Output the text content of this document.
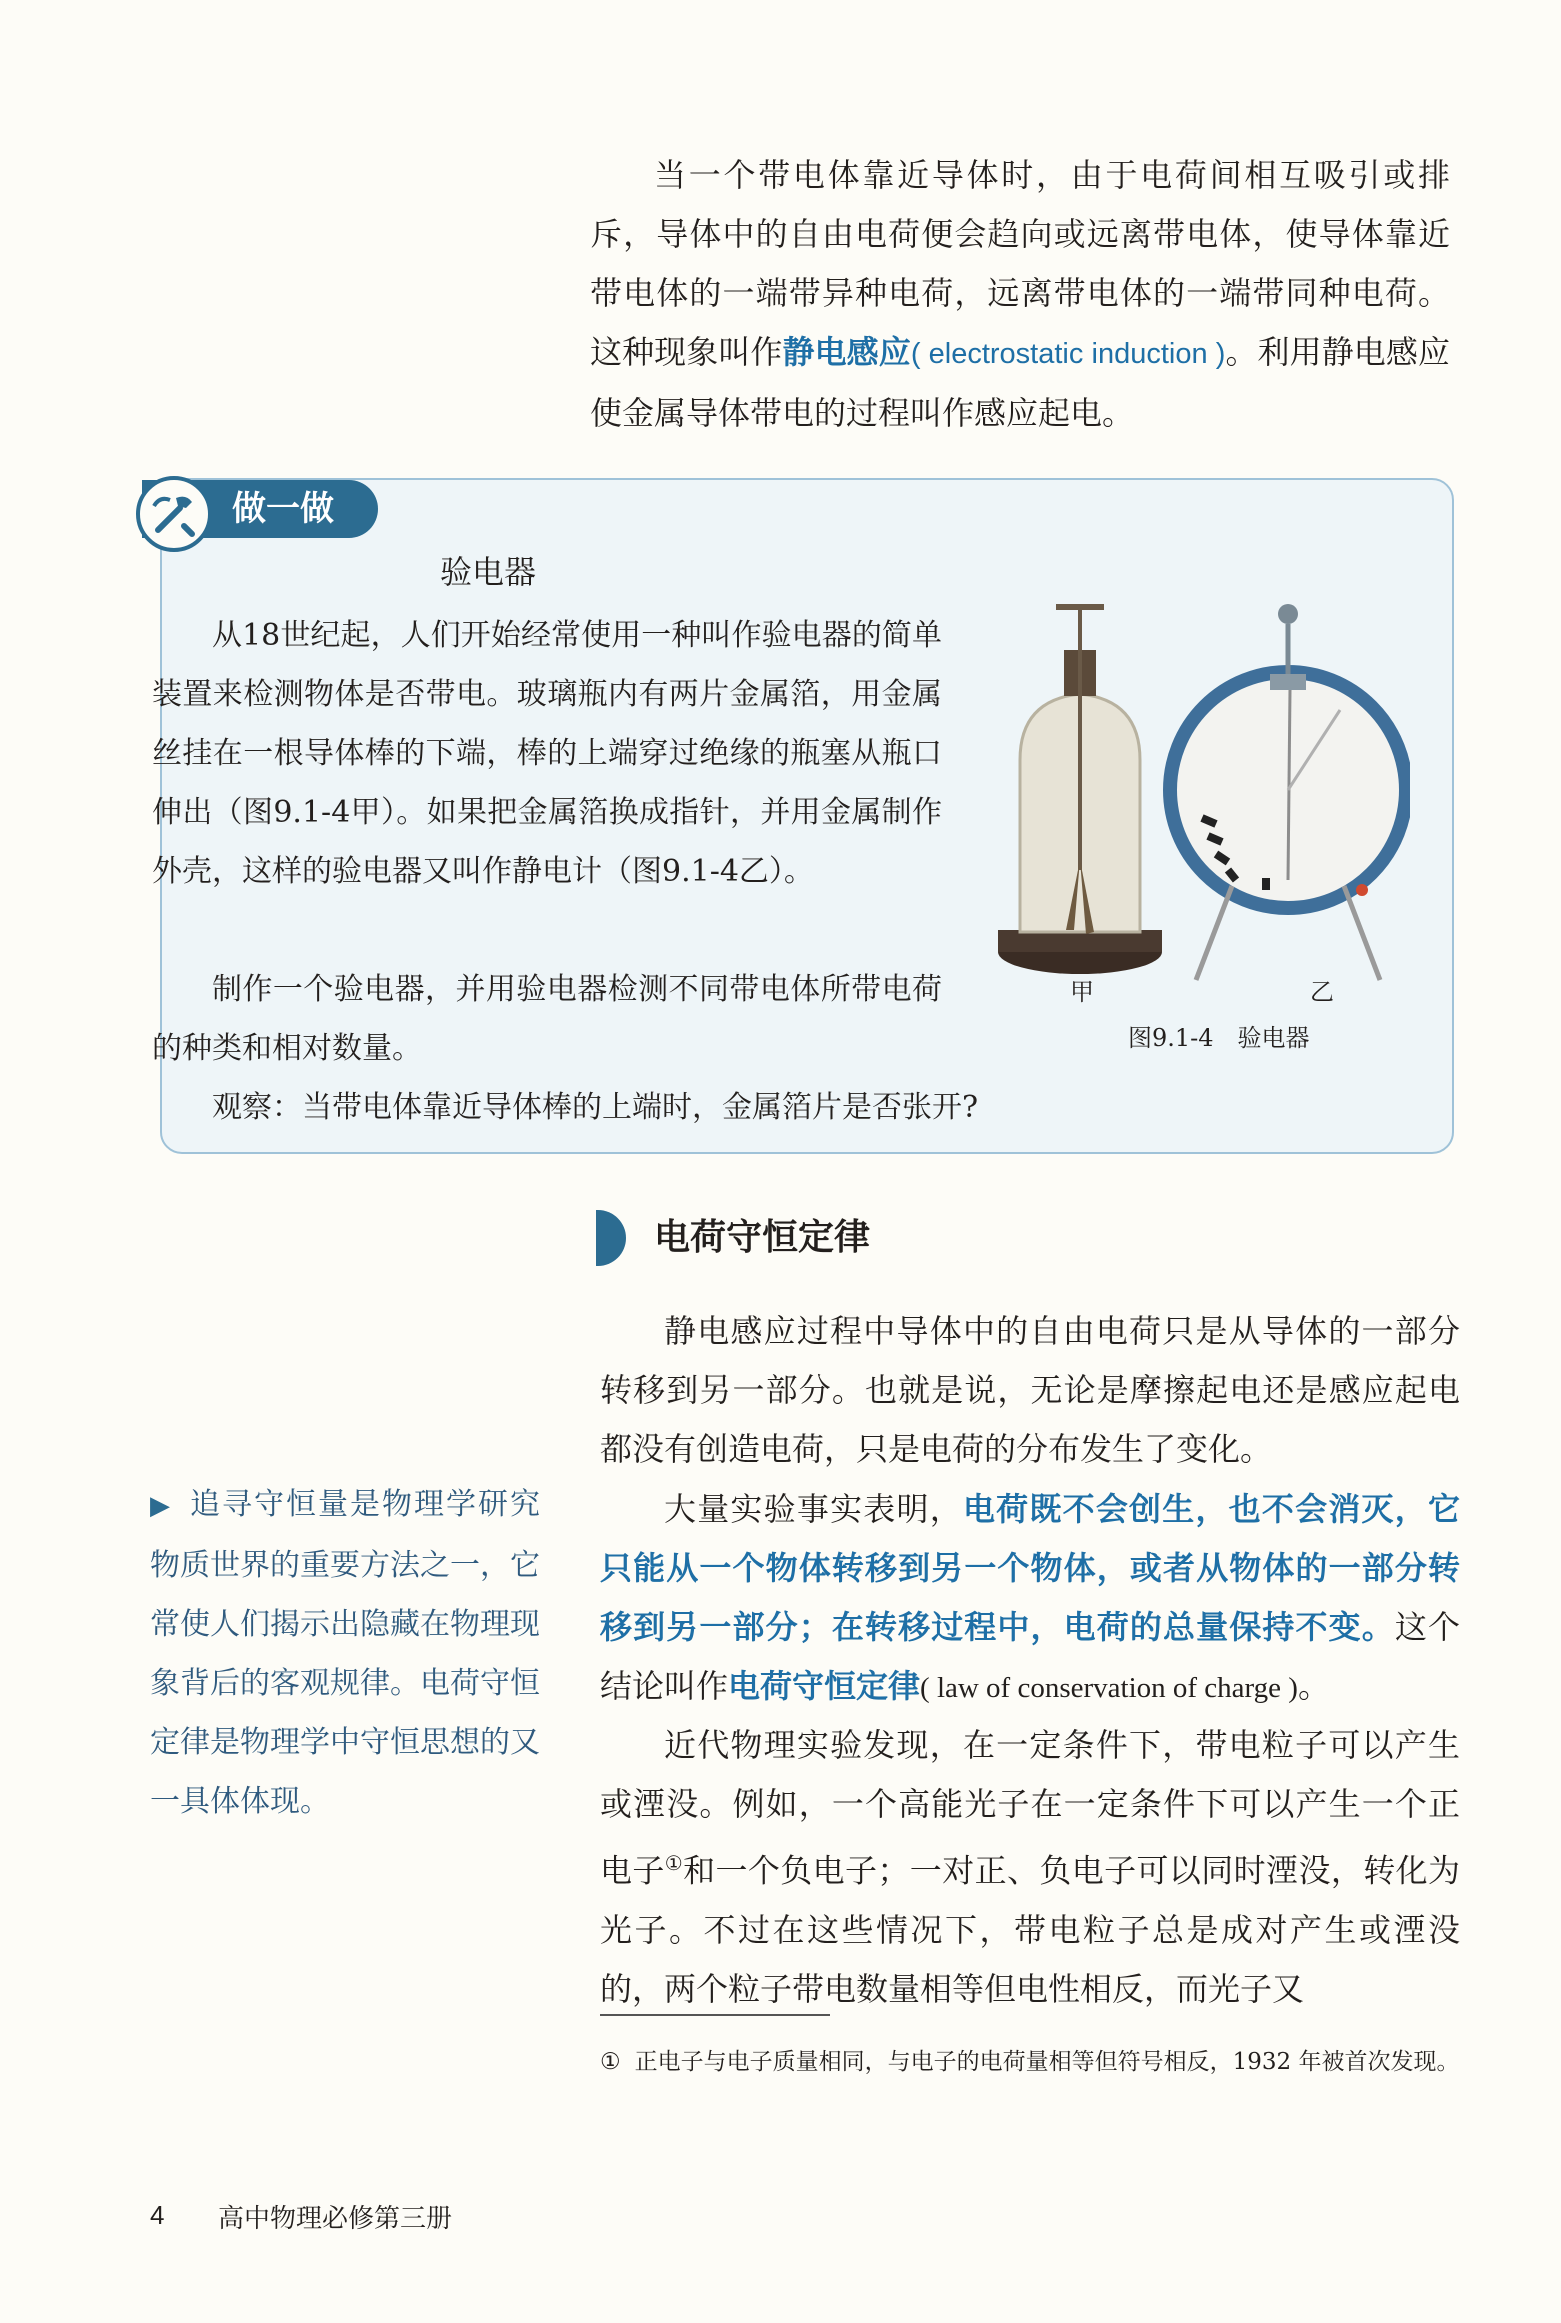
当一个带电体靠近导体时，由于电荷间相互吸引或排斥，导体中的自由电荷便会趋向或远离带电体，使导体靠近带电体的一端带异种电荷，远离带电体的一端带同种电荷。这种现象叫作静电感应( electrostatic induction )。利用静电感应使金属导体带电的过程叫作感应起电。
做一做
验电器
从18世纪起，人们开始经常使用一种叫作验电器的简单装置来检测物体是否带电。玻璃瓶内有两片金属箔，用金属丝挂在一根导体棒的下端，棒的上端穿过绝缘的瓶塞从瓶口伸出（图9.1-4甲）。如果把金属箔换成指针，并用金属制作外壳，这样的验电器又叫作静电计（图9.1-4乙）。
制作一个验电器，并用验电器检测不同带电体所带电荷的种类和相对数量。
观察：当带电体靠近导体棒的上端时，金属箔片是否张开?
甲	乙
图9.1-4　验电器
电荷守恒定律
静电感应过程中导体中的自由电荷只是从导体的一部分转移到另一部分。也就是说，无论是摩擦起电还是感应起电都没有创造电荷，只是电荷的分布发生了变化。
大量实验事实表明，电荷既不会创生，也不会消灭，它只能从一个物体转移到另一个物体，或者从物体的一部分转移到另一部分；在转移过程中，电荷的总量保持不变。这个结论叫作电荷守恒定律( law of conservation of charge )。
近代物理实验发现，在一定条件下，带电粒子可以产生或湮没。例如，一个高能光子在一定条件下可以产生一个正电子①和一个负电子；一对正、负电子可以同时湮没，转化为光子。不过在这些情况下，带电粒子总是成对产生或湮没的，两个粒子带电数量相等但电性相反，而光子又
▶ 追寻守恒量是物理学研究物质世界的重要方法之一，它常使人们揭示出隐藏在物理现象背后的客观规律。电荷守恒定律是物理学中守恒思想的又一具体体现。
① 正电子与电子质量相同，与电子的电荷量相等但符号相反，1932 年被首次发现。
4 高中物理必修第三册
